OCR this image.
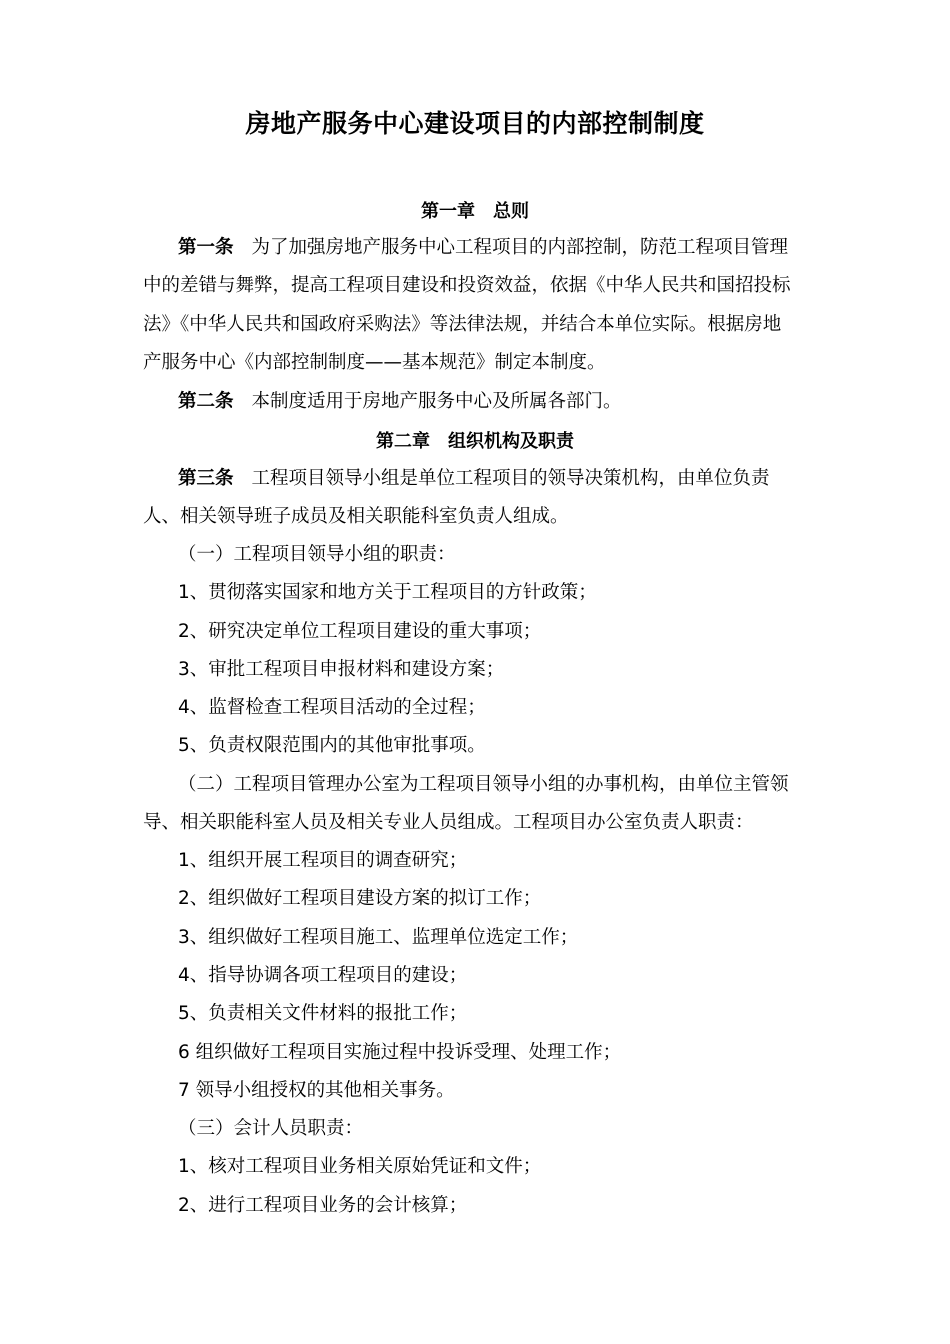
房地产服务中心建设项目的内部控制制度
第一章 总则
第一条 为了加强房地产服务中心工程项目的内部控制，防范工程项目管理
中的差错与舞弊，提高工程项目建设和投资效益，依据《中华人民共和国招投标
法》《中华人民共和国政府采购法》等法律法规，并结合本单位实际。根据房地
产服务中心《内部控制制度——基本规范》制定本制度。
第二条 本制度适用于房地产服务中心及所属各部门。
第二章 组织机构及职责
第三条 工程项目领导小组是单位工程项目的领导决策机构，由单位负责
人、相关领导班子成员及相关职能科室负责人组成。
（一）工程项目领导小组的职责：
1、贯彻落实国家和地方关于工程项目的方针政策；
2、研究决定单位工程项目建设的重大事项；
3、审批工程项目申报材料和建设方案；
4、监督检查工程项目活动的全过程；
5、负责权限范围内的其他审批事项。
（二）工程项目管理办公室为工程项目领导小组的办事机构，由单位主管领
导、相关职能科室人员及相关专业人员组成。工程项目办公室负责人职责：
1、组织开展工程项目的调查研究；
2、组织做好工程项目建设方案的拟订工作；
3、组织做好工程项目施工、监理单位选定工作；
4、指导协调各项工程项目的建设；
5、负责相关文件材料的报批工作；
6 组织做好工程项目实施过程中投诉受理、处理工作；
7 领导小组授权的其他相关事务。
（三）会计人员职责：
1、核对工程项目业务相关原始凭证和文件；
2、进行工程项目业务的会计核算；
